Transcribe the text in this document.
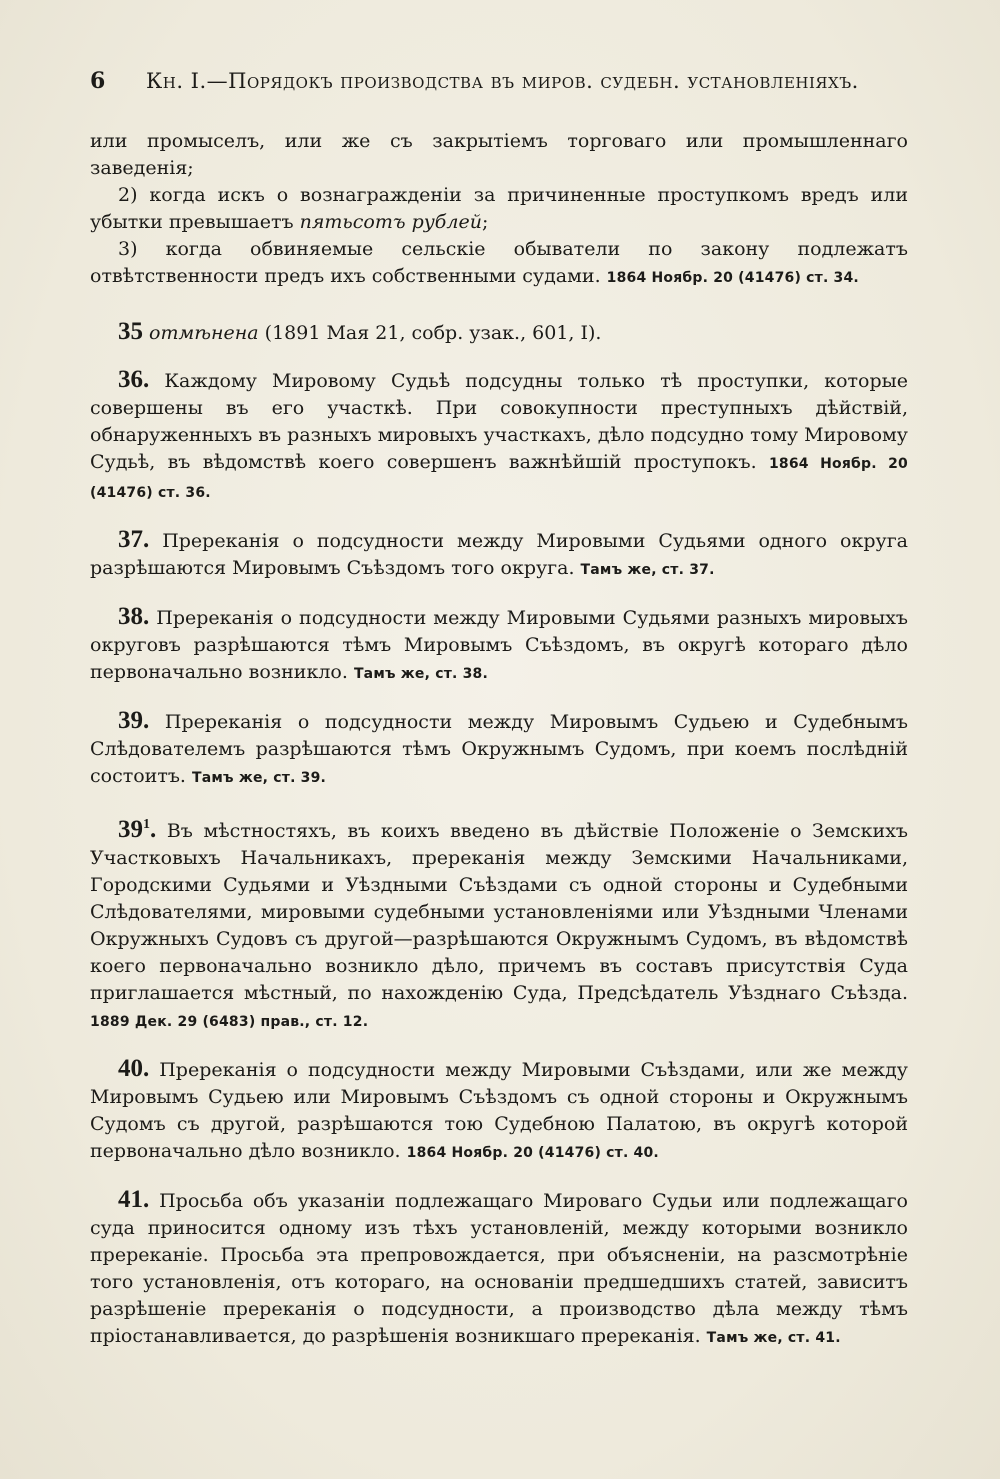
6	Кн. I.—Порядокъ производства въ миров. судебн. установленіяхъ.

или промыселъ, или же съ закрытіемъ торговаго или промышленнаго заведенія;

2) когда искъ о вознагражденіи за причиненные проступкомъ вредъ или убытки превышаетъ пятьсотъ рублей;

3) когда обвиняемые сельскіе обыватели по закону подлежатъ отвѣтственности предъ ихъ собственными судами. 1864 Ноябр. 20 (41476) ст. 34.

35 отмѣнена (1891 Мая 21, собр. узак., 601, I).

36. Каждому Мировому Судьѣ подсудны только тѣ проступки, которые совершены въ его участкѣ. При совокупности преступныхъ дѣйствій, обнаруженныхъ въ разныхъ мировыхъ участкахъ, дѣло подсудно тому Мировому Судьѣ, въ вѣдомствѣ коего совершенъ важнѣйшій проступокъ. 1864 Ноябр. 20 (41476) ст. 36.

37. Пререканія о подсудности между Мировыми Судьями одного округа разрѣшаются Мировымъ Съѣздомъ того округа. Тамъ же, ст. 37.

38. Пререканія о подсудности между Мировыми Судьями разныхъ мировыхъ округовъ разрѣшаются тѣмъ Мировымъ Съѣздомъ, въ округѣ котораго дѣло первоначально возникло. Тамъ же, ст. 38.

39. Пререканія о подсудности между Мировымъ Судьею и Судебнымъ Слѣдователемъ разрѣшаются тѣмъ Окружнымъ Судомъ, при коемъ послѣдній состоитъ. Тамъ же, ст. 39.

$39^1$. Въ мѣстностяхъ, въ коихъ введено въ дѣйствіе Положеніе о Земскихъ Участковыхъ Начальникахъ, пререканія между Земскими Начальниками, Городскими Судьями и Уѣздными Съѣздами съ одной стороны и Судебными Слѣдователями, мировыми судебными установленіями или Уѣздными Членами Окружныхъ Судовъ съ другой—разрѣшаются Окружнымъ Судомъ, въ вѣдомствѣ коего первоначально возникло дѣло, причемъ въ составъ присутствія Суда приглашается мѣстный, по нахожденію Суда, Предсѣдатель Уѣзднаго Съѣзда. 1889 Дек. 29 (6483) прав., ст. 12.

40. Пререканія о подсудности между Мировыми Съѣздами, или же между Мировымъ Судьею или Мировымъ Съѣздомъ съ одной стороны и Окружнымъ Судомъ съ другой, разрѣшаются тою Судебною Палатою, въ округѣ которой первоначально дѣло возникло. 1864 Ноябр. 20 (41476) ст. 40.

41. Просьба объ указаніи подлежащаго Мироваго Судьи или подлежащаго суда приносится одному изъ тѣхъ установленій, между которыми возникло пререканіе. Просьба эта препровождается, при объясненіи, на разсмотрѣніе того установленія, отъ котораго, на основаніи предшедшихъ статей, зависитъ разрѣшеніе пререканія о подсудности, а производство дѣла между тѣмъ пріостанавливается, до разрѣшенія возникшаго пререканія. Тамъ же, ст. 41.
